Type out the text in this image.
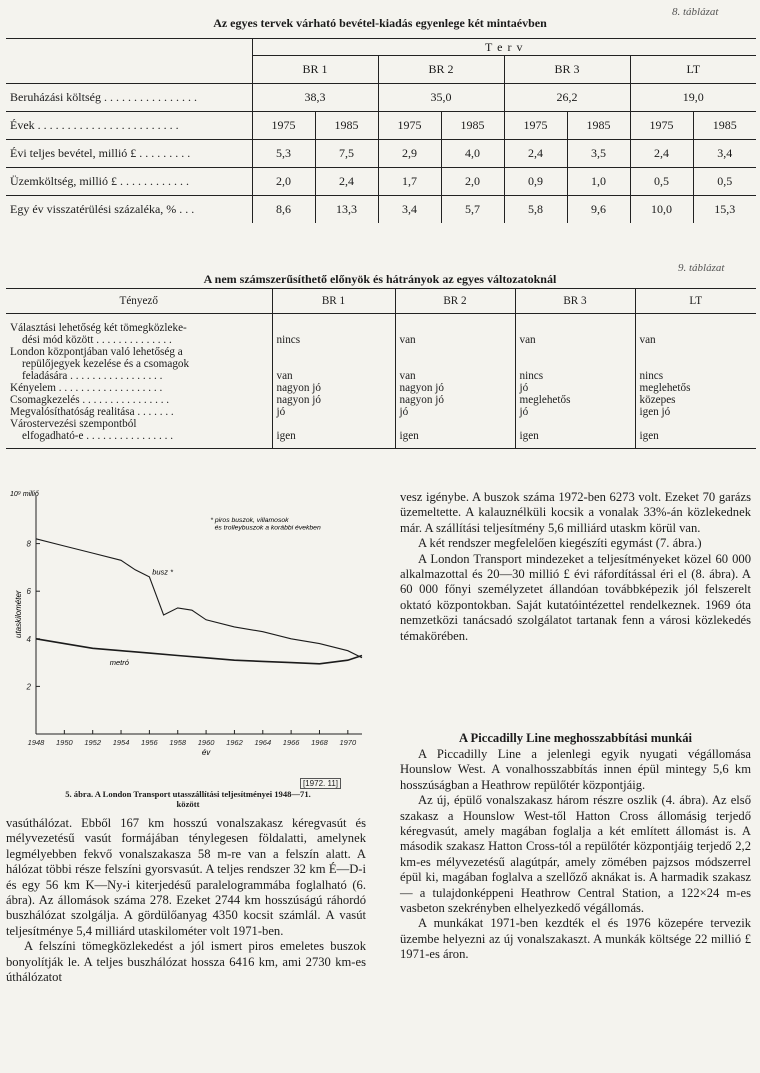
8. táblázat
Az egyes tervek várható bevétel-kiadás egyenlege két mintaévben
	T e r v							
	BR 1		BR 2		BR 3		LT	
Beruházási költség . . . . . . . . . . . . . . . .	38,3		35,0		26,2		19,0	
Évek . . . . . . . . . . . . . . . . . . . . . . . .	1975	1985	1975	1985	1975	1985	1975	1985
Évi teljes bevétel, millió £ . . . . . . . . .	5,3	7,5	2,9	4,0	2,4	3,5	2,4	3,4
Üzemköltség, millió £ . . . . . . . . . . . .	2,0	2,4	1,7	2,0	0,9	1,0	0,5	0,5
Egy év visszatérülési százaléka, % . . .	8,6	13,3	3,4	5,7	5,8	9,6	10,0	15,3
9. táblázat
A nem számszerűsíthető előnyök és hátrányok az egyes változatoknál
Tényező	BR 1	BR 2	BR 3	LT

Választási lehetőség két tömegközleke-
dési mód között . . . . . . . . . . . . . .	nincs	van	van	van

London központjában való lehetőség a
repülőjegyek kezelése és a csomagok
feladására . . . . . . . . . . . . . . . . .	van	van	nincs	nincs

Kényelem . . . . . . . . . . . . . . . . . . .	nagyon jó	nagyon jó	jó	meglehetős

Csomagkezelés . . . . . . . . . . . . . . . .	nagyon jó	nagyon jó	meglehetős	közepes

Megvalósíthatóság realitása . . . . . . .	jó	jó	jó	igen jó

Várostervezési szempontból
elfogadható-e . . . . . . . . . . . . . . . .	igen	igen	igen	igen
2
4
6
8
1948 1950 1952 1954 1956 1958 1960 1962 1964 1966 1968 1970
10⁹ milliő
utaskilométer
év
busz *
metró
* piros buszok, villamosok
és trolleybuszok a korábbi években
[1972. 11]
5. ábra. A London Transport utasszállítási teljesítményei 1948—71.
között

vasúthálózat. Ebből 167 km hosszú vonalszakasz kéregvasút és mélyvezetésű vasút formájában ténylegesen földalatti, amelynek legmélyebben fekvő vonalszakasza 58 m-re van a felszín alatt. A hálózat többi része felszíni gyorsvasút. A teljes rendszer 32 km É—D-i és egy 56 km K—Ny-i kiterjedésű paralelogrammába foglalható (6. ábra). Az állomások száma 278. Ezeket 2744 km hosszúságú ráhordó buszhálózat szolgálja. A gördülőanyag 4350 kocsit számlál. A vasút teljesítménye 5,4 milliárd utaskilométer volt 1971-ben.

A felszíni tömegközlekedést a jól ismert piros emeletes buszok bonyolítják le. A teljes buszhálózat hossza 6416 km, ami 2730 km-es úthálózatot

vesz igénybe. A buszok száma 1972-ben 6273 volt. Ezeket 70 garázs üzemeltette. A kalauznélküli kocsik a vonalak 33%-án közlekednek már. A szállítási teljesítmény 5,6 milliárd utaskm körül van.

A két rendszer megfelelően kiegészíti egymást (7. ábra.)

A London Transport mindezeket a teljesítményeket közel 60 000 alkalmazottal és 20—30 millió £ évi ráfordítással éri el (8. ábra). A 60 000 főnyi személyzetet állandóan továbbképezik jól felszerelt oktató központokban. Saját kutatóintézettel rendelkeznek. 1969 óta nemzetközi tanácsadó szolgálatot tartanak fenn a városi közlekedés témakörében.

A Piccadilly Line meghosszabbítási munkái

A Piccadilly Line a jelenlegi egyik nyugati végállomása Hounslow West. A vonalhosszabbítás innen épül mintegy 5,6 km hosszúságban a Heathrow repülőtér központjáig.

Az új, épülő vonalszakasz három részre oszlik (4. ábra). Az első szakasz a Hounslow West-től Hatton Cross állomásig terjedő kéregvasút, amely magában foglalja a két említett állomást is. A második szakasz Hatton Cross-tól a repülőtér központjáig terjedő 2,2 km-es mélyvezetésű alagútpár, amely zömében pajzsos módszerrel épül ki, magában foglalva a szellőző aknákat is. A harmadik szakasz — a tulajdonképpeni Heathrow Central Station, a 122×24 m-es vasbeton szekrényben elhelyezkedő végállomás.

A munkákat 1971-ben kezdték el és 1976 közepére tervezik üzembe helyezni az új vonalszakaszt. A munkák költsége 22 millió £ 1971-es áron.
